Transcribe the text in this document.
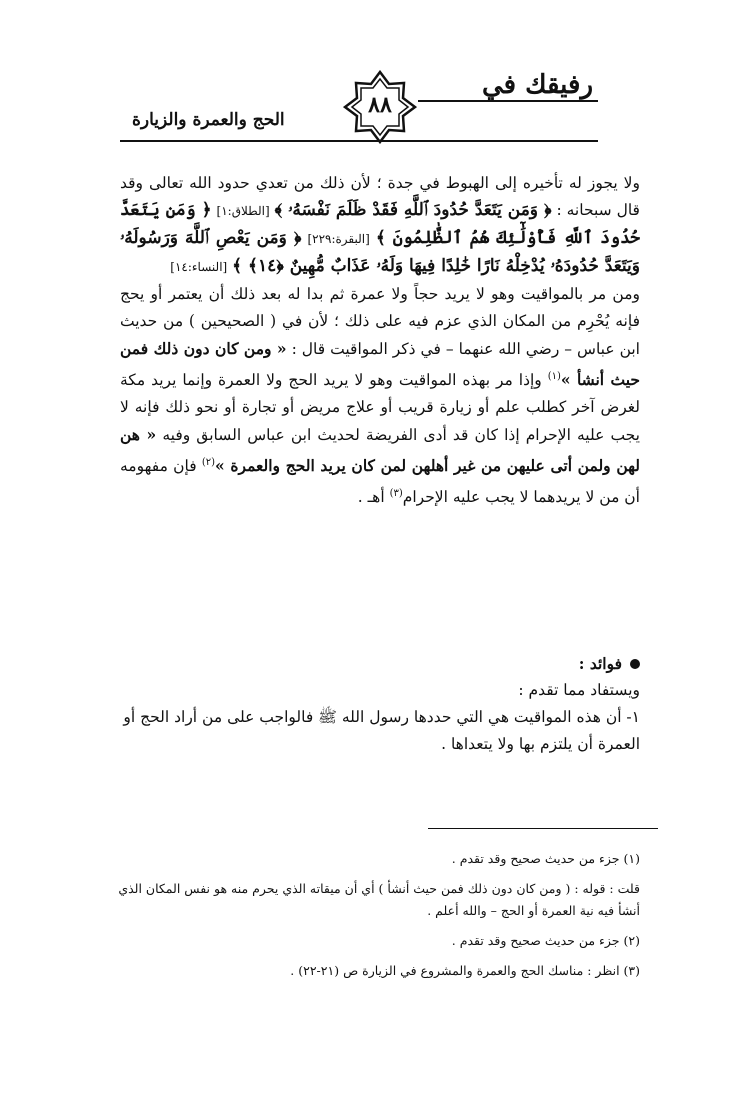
رفيقك في
٨٨
الحج والعمرة والزيارة

ولا يجوز له تأخيره إلى الهبوط في جدة ؛ لأن ذلك من تعدي حدود الله تعالى وقد قال سبحانه : ﴿ وَمَن يَتَعَدَّ حُدُودَ ٱللَّهِ فَقَدْ ظَلَمَ نَفْسَهُۥ ﴾ [الطلاق:١] ﴿ وَمَن يَتَعَدَّ حُدُودَ ٱللَّهِ فَأُوْلَٰٓئِكَ هُمُ ٱلظَّٰلِمُونَ ﴾ [البقرة:٢٢٩] ﴿ وَمَن يَعْصِ ٱللَّهَ وَرَسُولَهُۥ وَيَتَعَدَّ حُدُودَهُۥ يُدْخِلْهُ نَارًا خَٰلِدًا فِيهَا وَلَهُۥ عَذَابٌ مُّهِينٌ ﴿١٤﴾ ﴾ [النساء:١٤]

ومن مر بالمواقيت وهو لا يريد حجاً ولا عمرة ثم بدا له بعد ذلك أن يعتمر أو يحج فإنه يُحْرِم من المكان الذي عزم فيه على ذلك ؛ لأن في ( الصحيحين ) من حديث ابن عباس – رضي الله عنهما – في ذكر المواقيت قال : « ومن كان دون ذلك فمن حيث أنشأ »$^{(١)}$ وإذا مر بهذه المواقيت وهو لا يريد الحج ولا العمرة وإنما يريد مكة لغرض آخر كطلب علم أو زيارة قريب أو علاج مريض أو تجارة أو نحو ذلك فإنه لا يجب عليه الإحرام إذا كان قد أدى الفريضة لحديث ابن عباس السابق وفيه « هن لهن ولمن أتى عليهن من غير أهلهن لمن كان يريد الحج والعمرة »$^{(٢)}$ فإن مفهومه أن من لا يريدهما لا يجب عليه الإحرام$^{(٣)}$ أهـ .

فوائد :

ويستفاد مما تقدم :

١- أن هذه المواقيت هي التي حددها رسول الله ﷺ فالواجب على من أراد الحج أو العمرة أن يلتزم بها ولا يتعداها .

(١) جزء من حديث صحيح وقد تقدم .

قلت : قوله : ( ومن كان دون ذلك فمن حيث أنشأ ) أي أن ميقاته الذي يحرم منه هو نفس المكان الذي أنشأ فيه نية العمرة أو الحج – والله أعلم .

(٢) جزء من حديث صحيح وقد تقدم .

(٣) انظر : مناسك الحج والعمرة والمشروع في الزيارة ص (٢١-٢٢) .
